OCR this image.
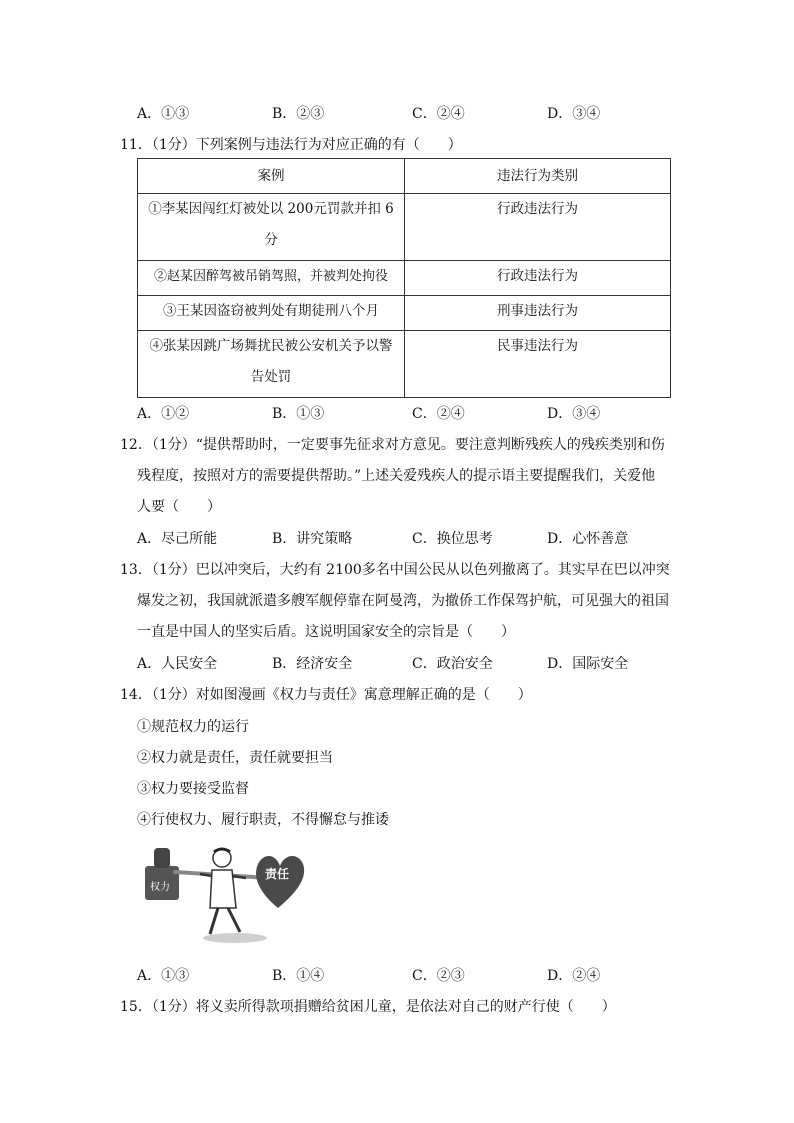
A．①③	B．②③	C．②④	D．③④
11．（1分）下列案例与违法行为对应正确的有（　　）
案例	违法行为类别
①李某因闯红灯被处以 200元罚款并扣 6分	行政违法行为
②赵某因醉驾被吊销驾照，并被判处拘役	行政违法行为
③王某因盗窃被判处有期徒刑八个月	刑事违法行为
④张某因跳广场舞扰民被公安机关予以警告处罚	民事违法行为
A．①②	B．①③	C．②④	D．③④
12．（1分）“提供帮助时，一定要事先征求对方意见。要注意判断残疾人的残疾类别和伤
残程度，按照对方的需要提供帮助。”上述关爱残疾人的提示语主要提醒我们，关爱他
人要（　　）
A．尽己所能	B．讲究策略	C．换位思考	D．心怀善意
13．（1分）巴以冲突后，大约有 2100多名中国公民从以色列撤离了。其实早在巴以冲突
爆发之初，我国就派遣多艘军舰停靠在阿曼湾，为撤侨工作保驾护航，可见强大的祖国
一直是中国人的坚实后盾。这说明国家安全的宗旨是（　　）
A．人民安全	B．经济安全	C．政治安全	D．国际安全
14．（1分）对如图漫画《权力与责任》寓意理解正确的是（　　）
①规范权力的运行
②权力就是责任，责任就要担当
③权力要接受监督
④行使权力、履行职责，不得懈怠与推诿
权力
责任
A．①③	B．①④	C．②③	D．②④
15．（1分）将义卖所得款项捐赠给贫困儿童，是依法对自己的财产行使（　　）
